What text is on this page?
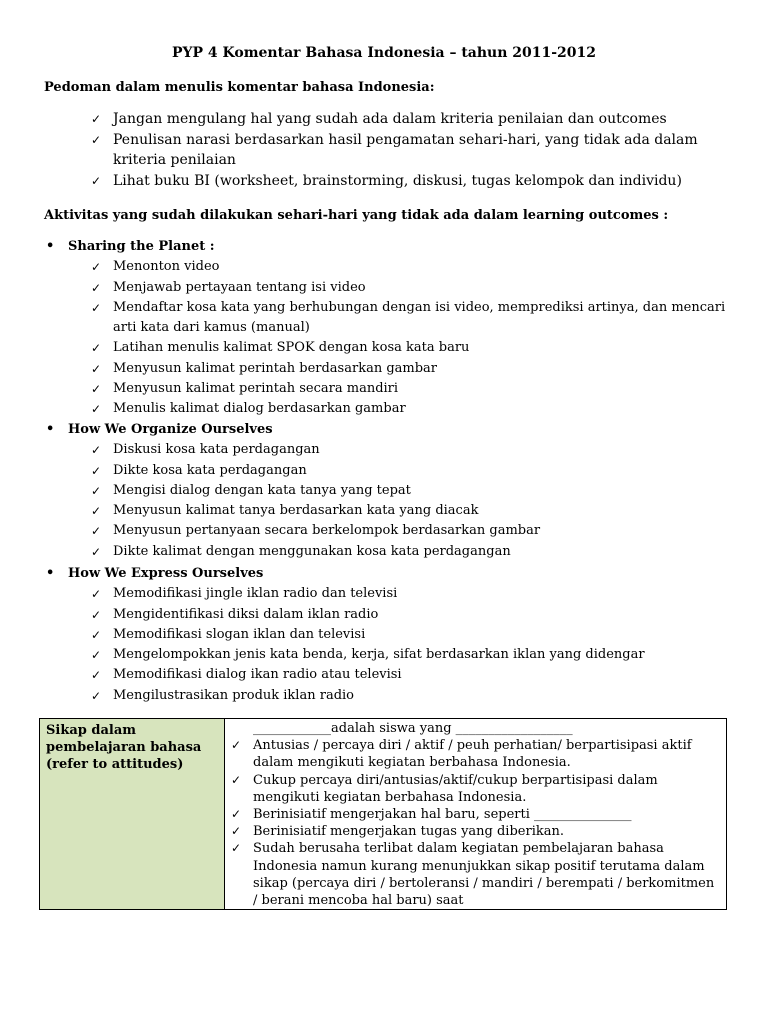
PYP 4 Komentar Bahasa Indonesia – tahun 2011-2012
Pedoman dalam menulis komentar bahasa Indonesia:
✓ Jangan mengulang hal yang sudah ada dalam kriteria penilaian dan outcomes
✓ Penulisan narasi berdasarkan hasil pengamatan sehari-hari, yang tidak ada dalam kriteria penilaian
✓ Lihat buku BI (worksheet, brainstorming, diskusi, tugas kelompok dan individu)
Aktivitas yang sudah dilakukan sehari-hari yang tidak ada dalam learning outcomes :
• Sharing the Planet :
✓ Menonton video
✓ Menjawab pertayaan tentang isi video
✓ Mendaftar kosa kata yang berhubungan dengan isi video, memprediksi artinya, dan mencari arti kata dari kamus (manual)
✓ Latihan menulis kalimat SPOK dengan kosa kata baru
✓ Menyusun kalimat perintah berdasarkan gambar
✓ Menyusun kalimat perintah secara mandiri
✓ Menulis kalimat dialog berdasarkan gambar
• How We Organize Ourselves
✓ Diskusi kosa kata perdagangan
✓ Dikte kosa kata perdagangan
✓ Mengisi dialog dengan kata tanya yang tepat
✓ Menyusun kalimat tanya berdasarkan kata yang diacak
✓ Menyusun pertanyaan secara berkelompok berdasarkan gambar
✓ Dikte kalimat dengan menggunakan kosa kata perdagangan
• How We Express Ourselves
✓ Memodifikasi jingle iklan radio dan televisi
✓ Mengidentifikasi diksi dalam iklan radio
✓ Memodifikasi slogan iklan dan televisi
✓ Mengelompokkan jenis kata benda, kerja, sifat berdasarkan iklan yang didengar
✓ Memodifikasi dialog ikan radio atau televisi
✓ Mengilustrasikan produk iklan radio
Sikap dalam pembelajaran bahasa (refer to attitudes)	
____________adalah siswa yang __________________
✓ Antusias / percaya diri / aktif / peuh perhatian/ berpartisipasi aktif dalam mengikuti kegiatan berbahasa Indonesia.
✓ Cukup percaya diri/antusias/aktif/cukup berpartisipasi dalam mengikuti kegiatan berbahasa Indonesia.
✓ Berinisiatif mengerjakan hal baru, seperti _______________
✓ Berinisiatif mengerjakan tugas yang diberikan.
✓ Sudah berusaha terlibat dalam kegiatan pembelajaran bahasa Indonesia namun kurang menunjukkan sikap positif terutama dalam sikap (percaya diri / bertoleransi / mandiri / berempati / berkomitmen / berani mencoba hal baru) saat
